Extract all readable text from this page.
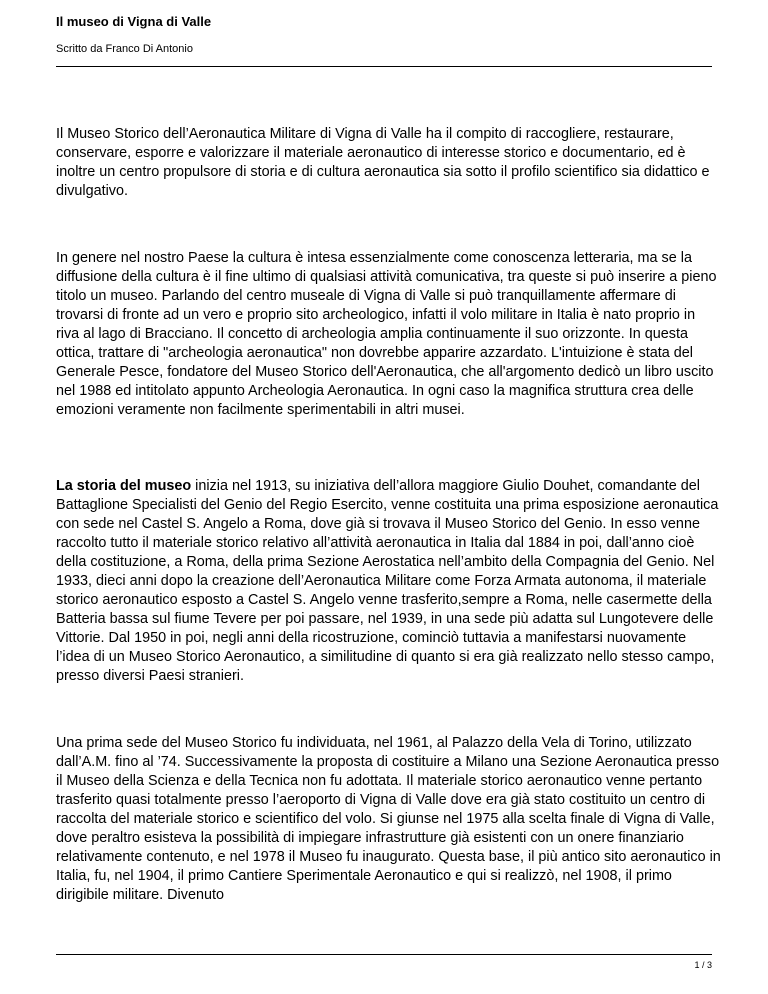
Il museo di Vigna di Valle
Scritto da Franco Di Antonio

Il Museo Storico dell’Aeronautica Militare di Vigna di Valle ha il compito di raccogliere, restaurare, conservare, esporre e valorizzare il materiale aeronautico di interesse storico e documentario, ed è inoltre un centro propulsore di storia e di cultura aeronautica sia sotto il profilo scientifico sia didattico e divulgativo.

In genere nel nostro Paese la cultura è intesa essenzialmente come conoscenza letteraria, ma se la diffusione della cultura è il fine ultimo di qualsiasi attività comunicativa, tra queste si può inserire a pieno titolo un museo. Parlando del centro museale di Vigna di Valle si può tranquillamente affermare di trovarsi di fronte ad un vero e proprio sito archeologico, infatti il volo militare in Italia è nato proprio in riva al lago di Bracciano. Il concetto di archeologia amplia continuamente il suo orizzonte. In questa ottica, trattare di "archeologia aeronautica" non dovrebbe apparire azzardato. L'intuizione è stata del Generale Pesce, fondatore del Museo Storico dell'Aeronautica, che all'argomento dedicò un libro uscito nel 1988 ed intitolato appunto Archeologia Aeronautica. In ogni caso la magnifica struttura crea delle emozioni veramente non facilmente sperimentabili in altri musei.

La storia del museo inizia nel 1913, su iniziativa dell’allora maggiore Giulio Douhet, comandante del Battaglione Specialisti del Genio del Regio Esercito, venne costituita una prima esposizione aeronautica con sede nel Castel S. Angelo a Roma, dove già si trovava il Museo Storico del Genio. In esso venne raccolto tutto il materiale storico relativo all’attività aeronautica in Italia dal 1884 in poi, dall’anno cioè della costituzione, a Roma, della prima Sezione Aerostatica nell’ambito della Compagnia del Genio. Nel 1933, dieci anni dopo la creazione dell’Aeronautica Militare come Forza Armata autonoma, il materiale storico aeronautico esposto a Castel S. Angelo venne trasferito,sempre a Roma, nelle casermette della Batteria bassa sul fiume Tevere per poi passare, nel 1939, in una sede più adatta sul Lungotevere delle Vittorie. Dal 1950 in poi, negli anni della ricostruzione, cominciò tuttavia a manifestarsi nuovamente l’idea di un Museo Storico Aeronautico, a similitudine di quanto si era già realizzato nello stesso campo, presso diversi Paesi stranieri.

Una prima sede del Museo Storico fu individuata, nel 1961, al Palazzo della Vela di Torino, utilizzato dall’A.M. fino al ’74. Successivamente la proposta di costituire a Milano una Sezione Aeronautica presso il Museo della Scienza e della Tecnica non fu adottata. Il materiale storico aeronautico venne pertanto trasferito quasi totalmente presso l’aeroporto di Vigna di Valle dove era già stato costituito un centro di raccolta del materiale storico e scientifico del volo. Si giunse nel 1975 alla scelta finale di Vigna di Valle, dove peraltro esisteva la possibilità di impiegare infrastrutture già esistenti con un onere finanziario relativamente contenuto, e nel 1978 il Museo fu inaugurato. Questa base, il più antico sito aeronautico in Italia, fu, nel 1904, il primo Cantiere Sperimentale Aeronautico e qui si realizzò, nel 1908, il primo dirigibile militare. Divenuto

1 / 3
